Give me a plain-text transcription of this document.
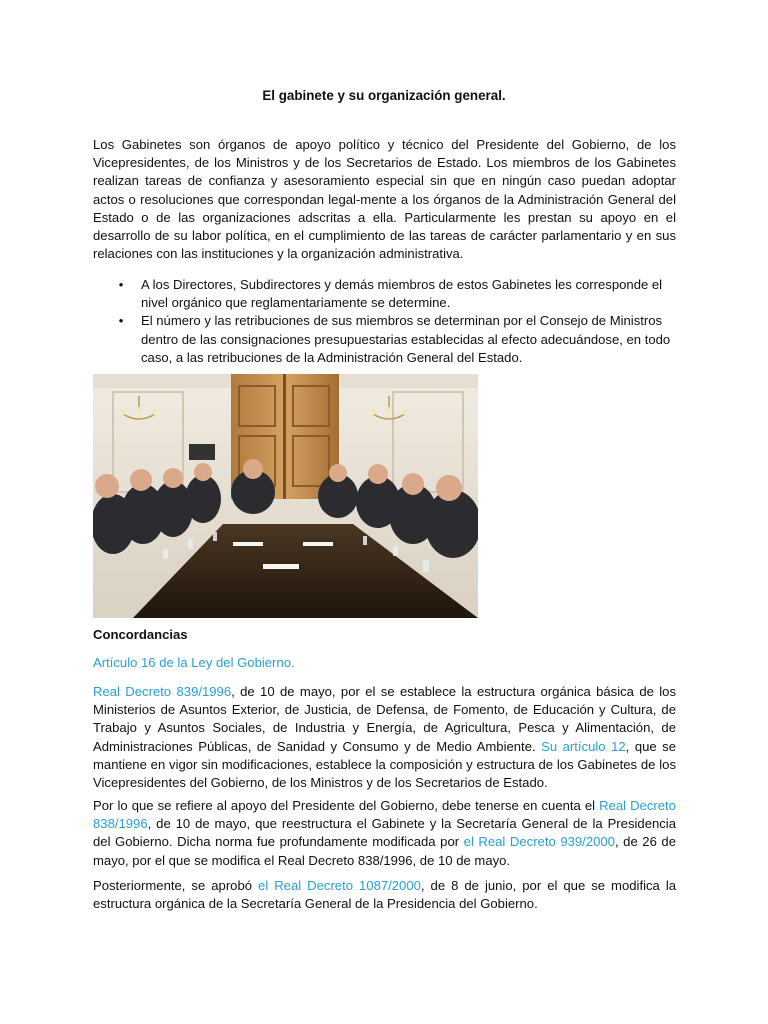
El gabinete y su organización general.
Los Gabinetes son órganos de apoyo político y técnico del Presidente del Gobierno, de los Vicepresidentes, de los Ministros y de los Secretarios de Estado. Los miembros de los Gabinetes realizan tareas de confianza y asesoramiento especial sin que en ningún caso puedan adoptar actos o resoluciones que correspondan legal-mente a los órganos de la Administración General del Estado o de las organizaciones adscritas a ella. Particularmente les prestan su apoyo en el desarrollo de su labor política, en el cumplimiento de las tareas de carácter parlamentario y en sus relaciones con las instituciones y la organización administrativa.
• A los Directores, Subdirectores y demás miembros de estos Gabinetes les corresponde el nivel orgánico que reglamentariamente se determine.
• El número y las retribuciones de sus miembros se determinan por el Consejo de Ministros dentro de las consignaciones presupuestarias establecidas al efecto adecuándose, en todo caso, a las retribuciones de la Administración General del Estado.
Concordancias
Artículo 16 de la Ley del Gobierno.
Real Decreto 839/1996, de 10 de mayo, por el se establece la estructura orgánica básica de los Ministerios de Asuntos Exterior, de Justicia, de Defensa, de Fomento, de Educación y Cultura, de Trabajo y Asuntos Sociales, de Industria y Energía, de Agricultura, Pesca y Alimentación, de Administraciones Públicas, de Sanidad y Consumo y de Medio Ambiente. Su artículo 12, que se mantiene en vigor sin modificaciones, establece la composición y estructura de los Gabinetes de los Vicepresidentes del Gobierno, de los Ministros y de los Secretarios de Estado.
Por lo que se refiere al apoyo del Presidente del Gobierno, debe tenerse en cuenta el Real Decreto 838/1996, de 10 de mayo, que reestructura el Gabinete y la Secretaría General de la Presidencia del Gobierno. Dicha norma fue profundamente modificada por el Real Decreto 939/2000, de 26 de mayo, por el que se modifica el Real Decreto 838/1996, de 10 de mayo.
Posteriormente, se aprobó el Real Decreto 1087/2000, de 8 de junio, por el que se modifica la estructura orgánica de la Secretaría General de la Presidencia del Gobierno.
